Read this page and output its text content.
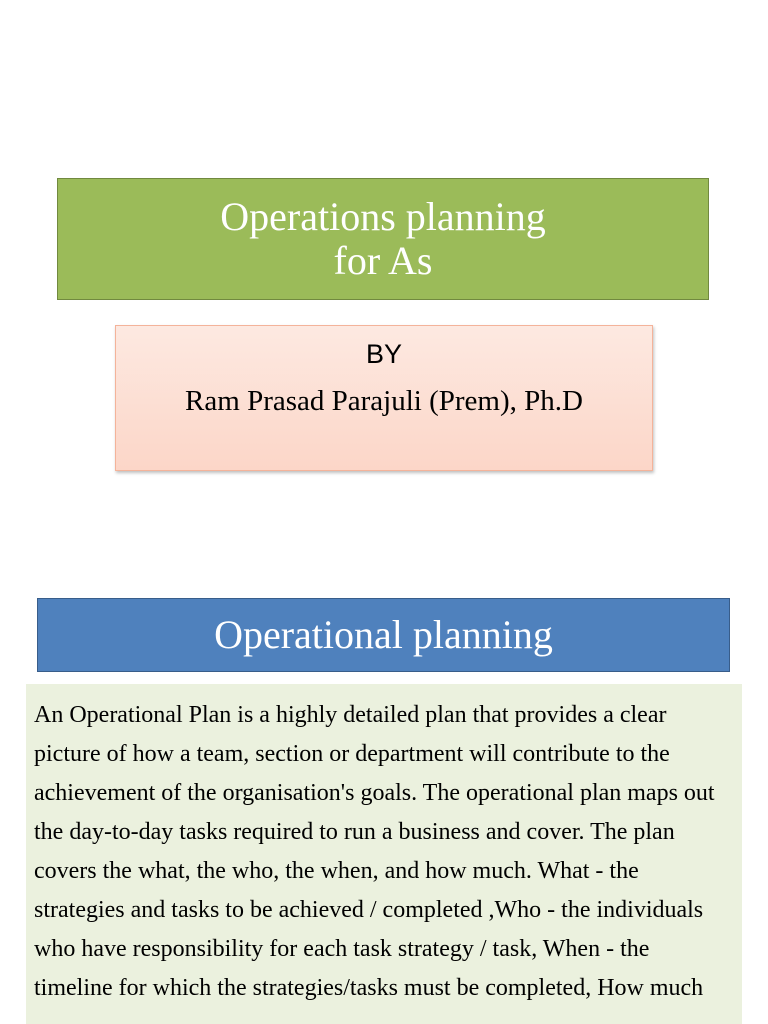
Operations planning
for As
BY
Ram Prasad Parajuli (Prem), Ph.D
Operational planning

An Operational Plan is a highly detailed plan that provides a clear picture of how a team, section or department will contribute to the achievement of the organisation's goals. The operational plan maps out the day-to-day tasks required to run a business and cover. The plan covers the what, the who, the when, and how much. What - the strategies and tasks to be achieved / completed ,Who - the individuals who have responsibility for each task strategy / task, When - the timeline for which the strategies/tasks must be completed, How much
